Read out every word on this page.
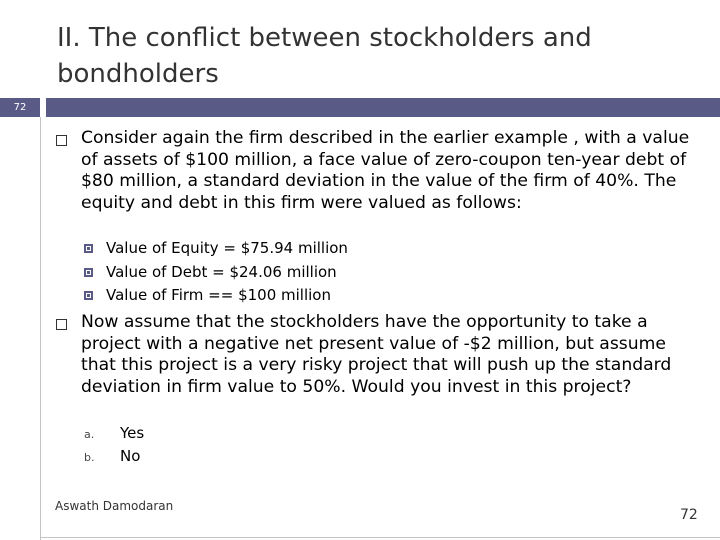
II. The conflict between stockholders and bondholders
72

Consider again the firm described in the earlier example , with a value of assets of $100 million, a face value of zero-coupon ten-year debt of $80 million, a standard deviation in the value of the firm of 40%. The equity and debt in this firm were valued as follows:

Value of Equity = $75.94 million
Value of Debt = $24.06 million
Value of Firm == $100 million

Now assume that the stockholders have the opportunity to take a project with a negative net present value of -$2 million, but assume that this project is a very risky project that will push up the standard deviation in firm value to 50%. Would you invest in this project?

a. Yes
b. No
Aswath Damodaran
72
